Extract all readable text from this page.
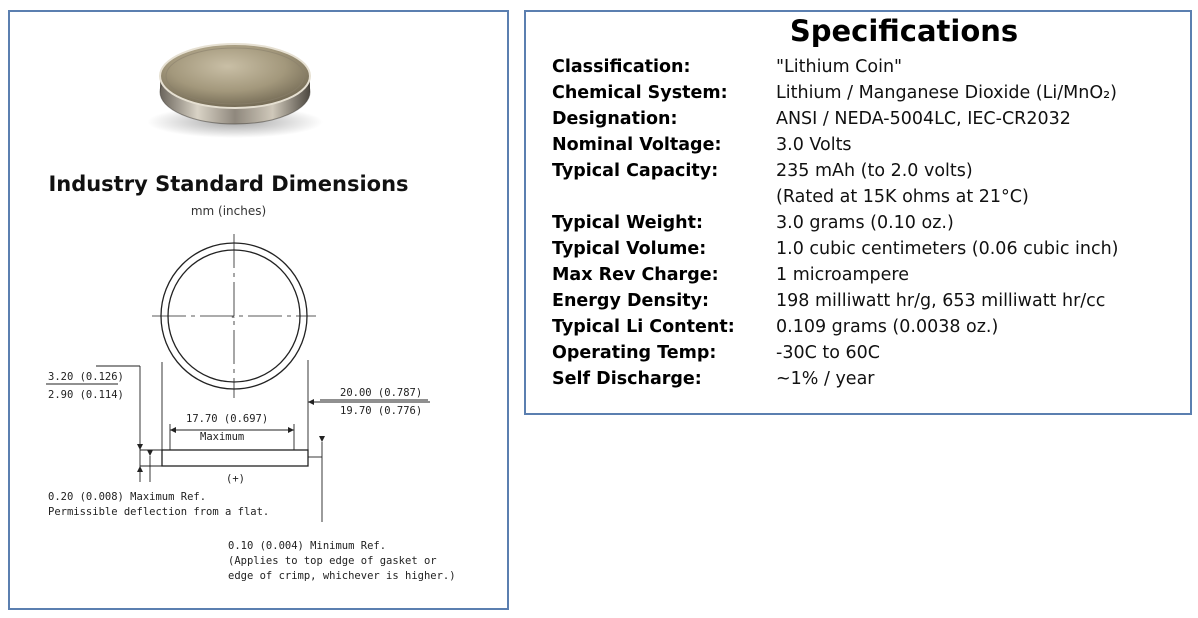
Industry Standard Dimensions
mm (inches)
3.20 (0.126)
2.90 (0.114)	20.00 (0.787)
19.70 (0.776)
17.70 (0.697)
Maximum
(+)
-
0.20 (0.008) Maximum Ref.
Permissible deflection from a flat.
0.10 (0.004) Minimum Ref.
(Applies to top edge of gasket or
edge of crimp, whichever is higher.)
Specifications
Classification:	"Lithium Coin"
Chemical System:	Lithium / Manganese Dioxide (Li/MnO₂)
Designation:	ANSI / NEDA-5004LC, IEC-CR2032
Nominal Voltage:	3.0 Volts
Typical Capacity:	235 mAh (to 2.0 volts)
(Rated at 15K ohms at 21°C)
Typical Weight:	3.0 grams (0.10 oz.)
Typical Volume:	1.0 cubic centimeters (0.06 cubic inch)
Max Rev Charge:	1 microampere
Energy Density:	198 milliwatt hr/g, 653 milliwatt hr/cc
Typical Li Content:	0.109 grams (0.0038 oz.)
Operating Temp:	-30C to 60C
Self Discharge:	~1% / year
